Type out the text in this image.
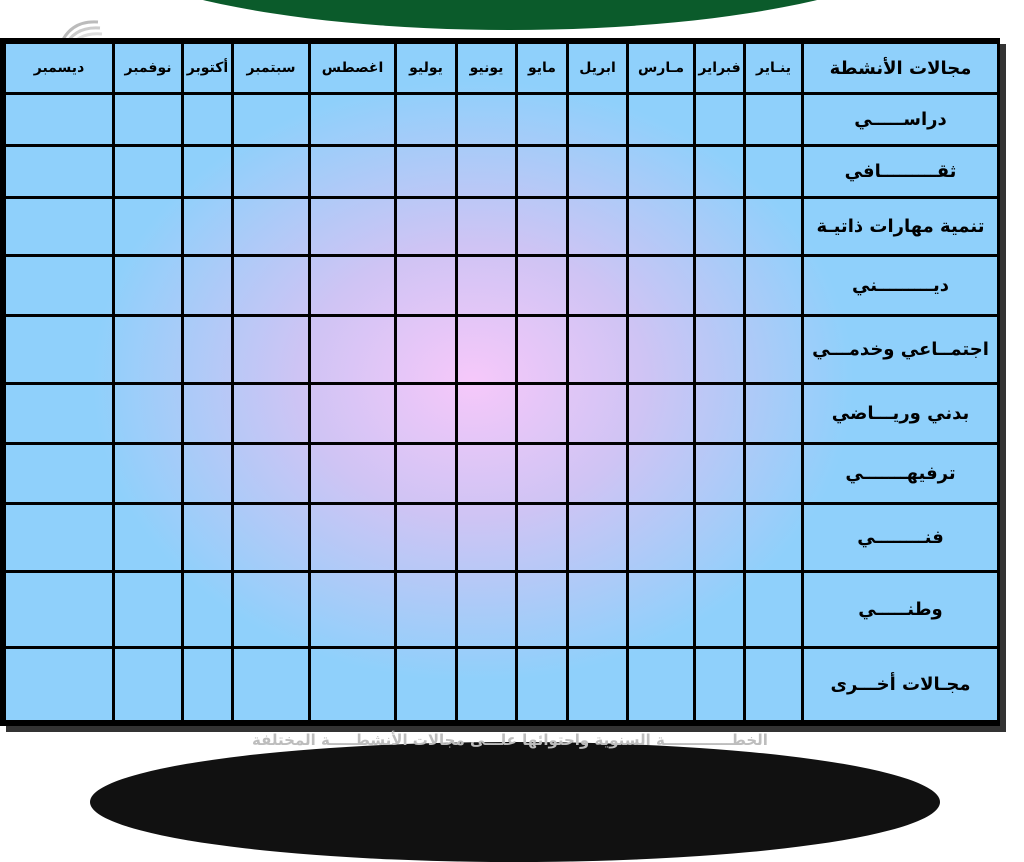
مجالات الأنشطة	ينـاير	فبراير	مـارس	ابريل	مايو	يونيو	يوليو	اغصطس	سبتمبر	أكتوبر	نوفمبر	ديسمبر
دراســـــي												
ثقـــــــــافي												
تنمية مهارات ذاتيـة												
ديـــــــــني												
اجتمــاعي وخدمـــي												
بدني وريـــاضي												
ترفيهـــــــي												
فنــــــــي												
وطنـــــي												
مجـالات أخـــرى												
الخطـــــــــــــة السنوية واحتوائها علـــى مجالات الأنشطـــــة المختلفة
